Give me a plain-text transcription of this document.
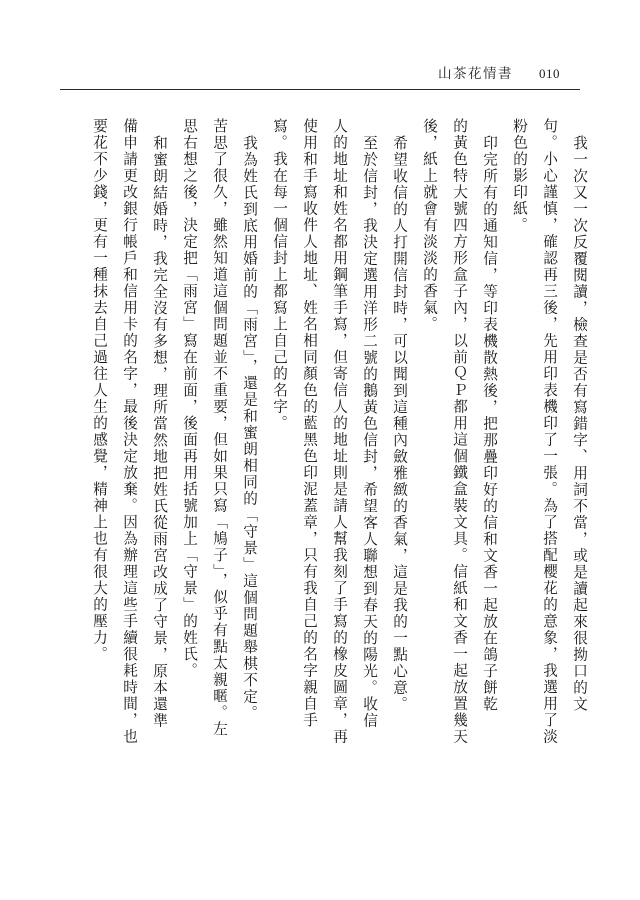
山茶花情書 010
我一次又一次反覆閱讀，檢查是否有寫錯字、用詞不當，或是讀起來很拗口的文
句。小心謹慎，確認再三後，先用印表機印了一張。為了搭配櫻花的意象，我選用了淡
粉色的影印紙。
印完所有的通知信，等印表機散熱後，把那疊印好的信和文香一起放在鴿子餅乾
的黃色特大號四方形盒子內，以前ＱＰ都用這個鐵盒裝文具。信紙和文香一起放置幾天
後，紙上就會有淡淡的香氣。
希望收信的人打開信封時，可以聞到這種內斂雅緻的香氣，這是我的一點心意。
至於信封，我決定選用洋形二號的鵝黃色信封，希望客人聯想到春天的陽光。收信
人的地址和姓名都用鋼筆手寫，但寄信人的地址則是請人幫我刻了手寫的橡皮圖章，再
使用和手寫收件人地址、姓名相同顏色的藍黑色印泥蓋章，只有我自己的名字親自手
寫。我在每一個信封上都寫上自己的名字。
我為姓氏到底用婚前的「雨宮」，還是和蜜朗相同的「守景」這個問題舉棋不定。
苦思了很久，雖然知道這個問題並不重要，但如果只寫「鳩子」，似乎有點太親暱。左
思右想之後，決定把「雨宮」寫在前面，後面再用括號加上「守景」的姓氏。
和蜜朗結婚時，我完全沒有多想，理所當然地把姓氏從雨宮改成了守景，原本還準
備申請更改銀行帳戶和信用卡的名字，最後決定放棄。因為辦理這些手續很耗時間，也
要花不少錢，更有一種抹去自己過往人生的感覺，精神上也有很大的壓力。
